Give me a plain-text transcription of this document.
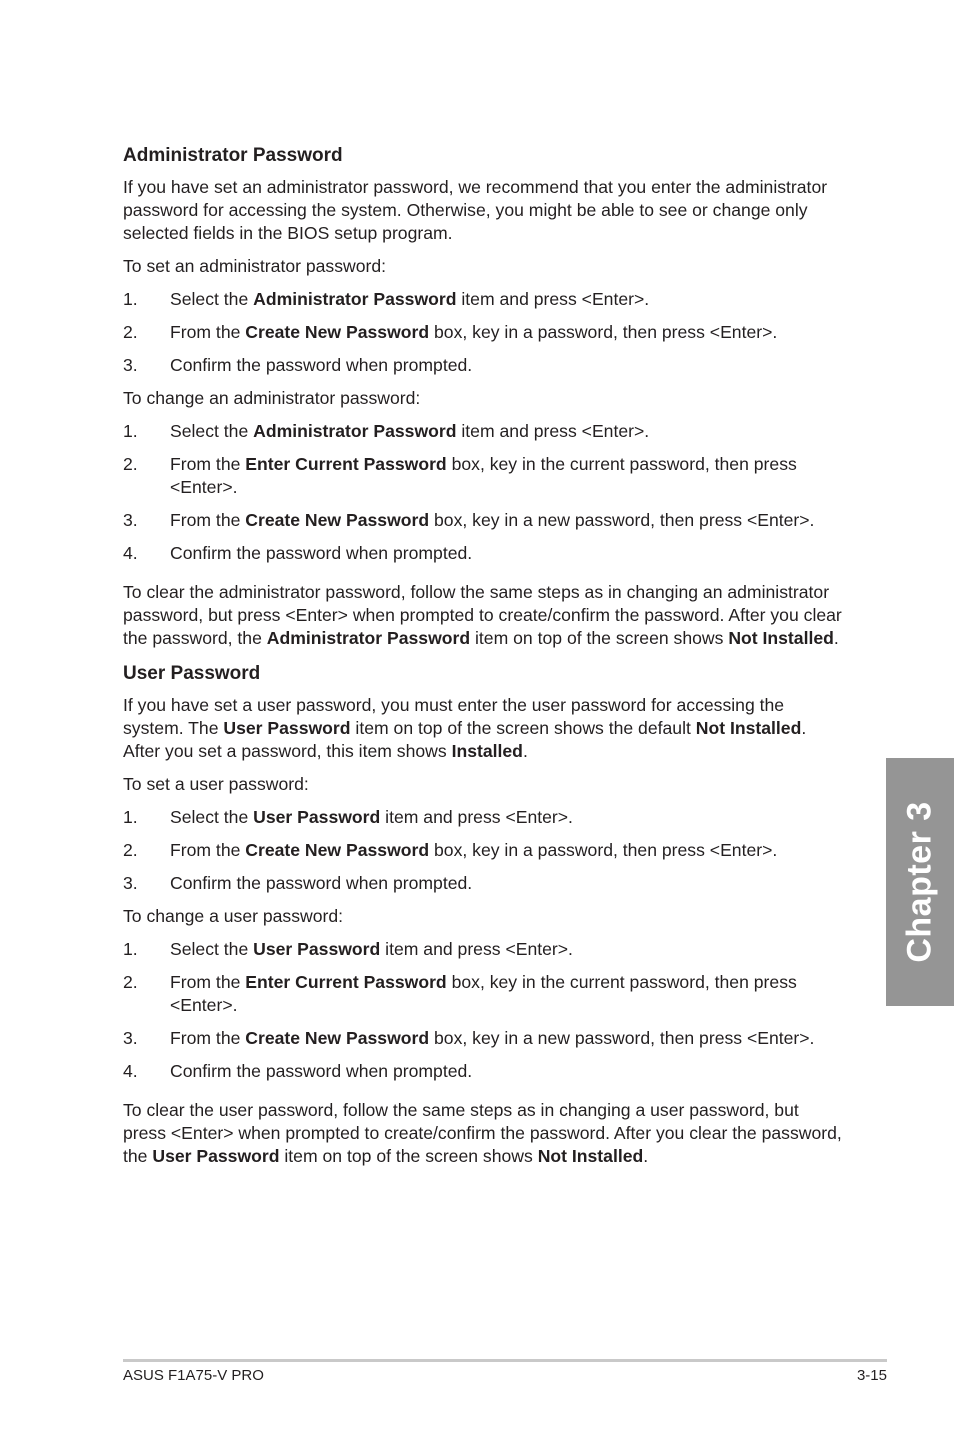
Administrator Password

If you have set an administrator password, we recommend that you enter the administrator password for accessing the system. Otherwise, you might be able to see or change only selected fields in the BIOS setup program.

To set an administrator password:

1. Select the Administrator Password item and press <Enter>.
2. From the Create New Password box, key in a password, then press <Enter>.
3. Confirm the password when prompted.

To change an administrator password:

1. Select the Administrator Password item and press <Enter>.
2. From the Enter Current Password box, key in the current password, then press <Enter>.
3. From the Create New Password box, key in a new password, then press <Enter>.
4. Confirm the password when prompted.

To clear the administrator password, follow the same steps as in changing an administrator password, but press <Enter> when prompted to create/confirm the password. After you clear the password, the Administrator Password item on top of the screen shows Not Installed.

User Password

If you have set a user password, you must enter the user password for accessing the system. The User Password item on top of the screen shows the default Not Installed. After you set a password, this item shows Installed.

To set a user password:

1. Select the User Password item and press <Enter>.
2. From the Create New Password box, key in a password, then press <Enter>.
3. Confirm the password when prompted.

To change a user password:

1. Select the User Password item and press <Enter>.
2. From the Enter Current Password box, key in the current password, then press <Enter>.
3. From the Create New Password box, key in a new password, then press <Enter>.
4. Confirm the password when prompted.

To clear the user password, follow the same steps as in changing a user password, but press <Enter> when prompted to create/confirm the password. After you clear the password, the User Password item on top of the screen shows Not Installed.

Chapter 3
ASUS F1A75-V PRO	3-15
